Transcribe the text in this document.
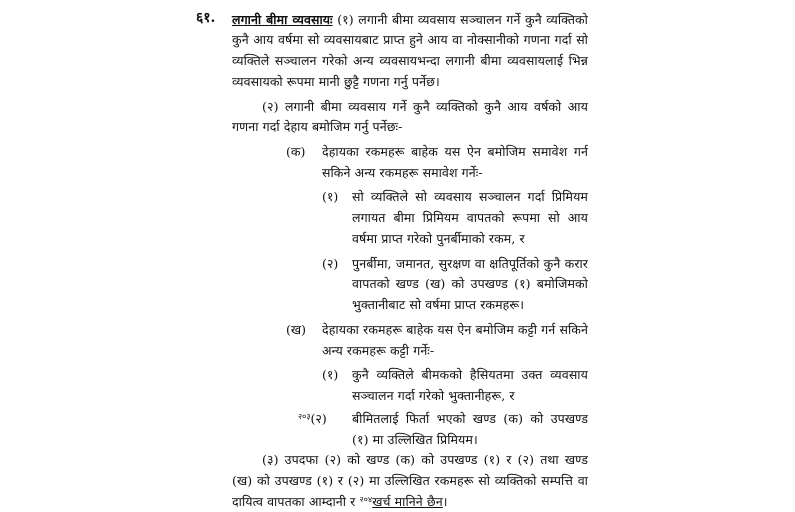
६१. लगानी बीमा व्यवसायः (१) लगानी बीमा व्यवसाय सञ्चालन गर्ने कुनै व्यक्तिको
कुनै आय वर्षमा सो व्यवसायबाट प्राप्त हुने आय वा नोक्सानीको गणना गर्दा सो
व्यक्तिले सञ्चालन गरेको अन्य व्यवसायभन्दा लगानी बीमा व्यवसायलाई भिन्न
व्यवसायको रूपमा मानी छुट्टै गणना गर्नु पर्नेछ।
(२) लगानी बीमा व्यवसाय गर्ने कुनै व्यक्तिको कुनै आय वर्षको आय
गणना गर्दा देहाय बमोजिम गर्नु पर्नेछः-
(क) देहायका रकमहरू बाहेक यस ऐन बमोजिम समावेश गर्न
सकिने अन्य रकमहरू समावेश गर्नेः-
(१) सो व्यक्तिले सो व्यवसाय सञ्चालन गर्दा प्रिमियम
लगायत बीमा प्रिमियम वापतको रूपमा सो आय
वर्षमा प्राप्त गरेको पुनर्बीमाको रकम, र
(२) पुनर्बीमा, जमानत, सुरक्षण वा क्षतिपूर्तिको कुनै करार
वापतको खण्ड (ख) को उपखण्ड (१) बमोजिमको
भुक्तानीबाट सो वर्षमा प्राप्त रकमहरू।
(ख) देहायका रकमहरू बाहेक यस ऐन बमोजिम कट्टी गर्न सकिने
अन्य रकमहरू कट्टी गर्नेः-
(१) कुनै व्यक्तिले बीमकको हैसियतमा उक्त व्यवसाय
सञ्चालन गर्दा गरेको भुक्तानीहरू, र
$^{२०३}$(२) बीमितलाई फिर्ता भएको खण्ड (क) को उपखण्ड
(१) मा उल्लिखित प्रिमियम।
(३) उपदफा (२) को खण्ड (क) को उपखण्ड (१) र (२) तथा खण्ड
(ख) को उपखण्ड (१) र (२) मा उल्लिखित रकमहरू सो व्यक्तिको सम्पत्ति वा
दायित्व वापतका आम्दानी र $^{२०४}$खर्च मानिने छैन।
